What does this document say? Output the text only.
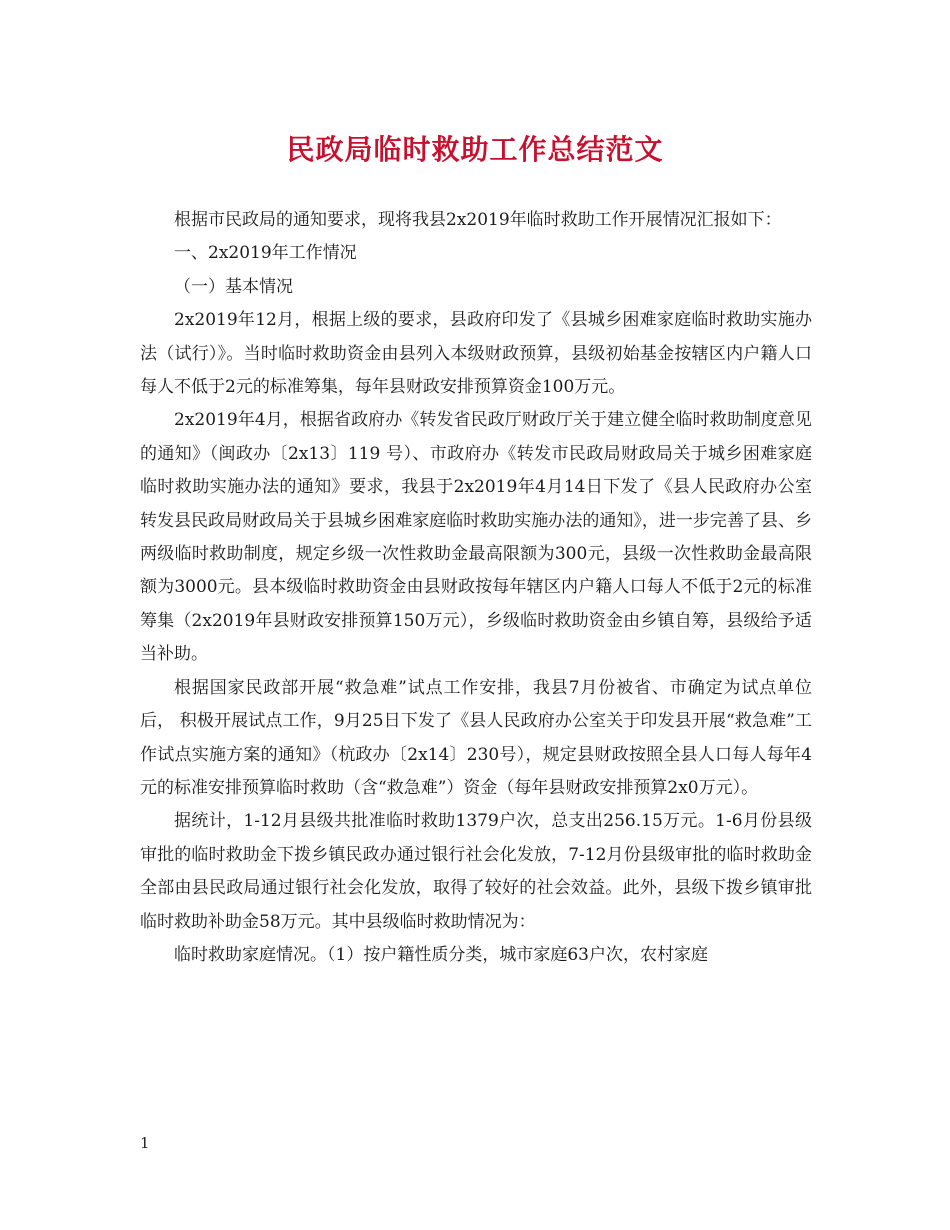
民政局临时救助工作总结范文

根据市民政局的通知要求，现将我县2x2019年临时救助工作开展情况汇报如下：

一、2x2019年工作情况

（一）基本情况

2x2019年12月，根据上级的要求，县政府印发了《县城乡困难家庭临时救助实施办法（试行）》。当时临时救助资金由县列入本级财政预算，县级初始基金按辖区内户籍人口每人不低于2元的标准筹集，每年县财政安排预算资金100万元。

2x2019年4月，根据省政府办《转发省民政厅财政厅关于建立健全临时救助制度意见的通知》（闽政办〔2x13〕119 号）、市政府办《转发市民政局财政局关于城乡困难家庭临时救助实施办法的通知》要求，我县于2x2019年4月14日下发了《县人民政府办公室转发县民政局财政局关于县城乡困难家庭临时救助实施办法的通知》，进一步完善了县、乡两级临时救助制度，规定乡级一次性救助金最高限额为300元，县级一次性救助金最高限额为3000元。县本级临时救助资金由县财政按每年辖区内户籍人口每人不低于2元的标准筹集（2x2019年县财政安排预算150万元），乡级临时救助资金由乡镇自筹，县级给予适当补助。

根据国家民政部开展“救急难”试点工作安排，我县7月份被省、市确定为试点单位后， 积极开展试点工作，9月25日下发了《县人民政府办公室关于印发县开展“救急难”工作试点实施方案的通知》（杭政办〔2x14〕230号），规定县财政按照全县人口每人每年4元的标准安排预算临时救助（含“救急难”）资金（每年县财政安排预算2x0万元）。

据统计，1-12月县级共批准临时救助1379户次，总支出256.15万元。1-6月份县级审批的临时救助金下拨乡镇民政办通过银行社会化发放，7-12月份县级审批的临时救助金全部由县民政局通过银行社会化发放，取得了较好的社会效益。此外，县级下拨乡镇审批临时救助补助金58万元。其中县级临时救助情况为：

临时救助家庭情况。（1）按户籍性质分类，城市家庭63户次，农村家庭

1
